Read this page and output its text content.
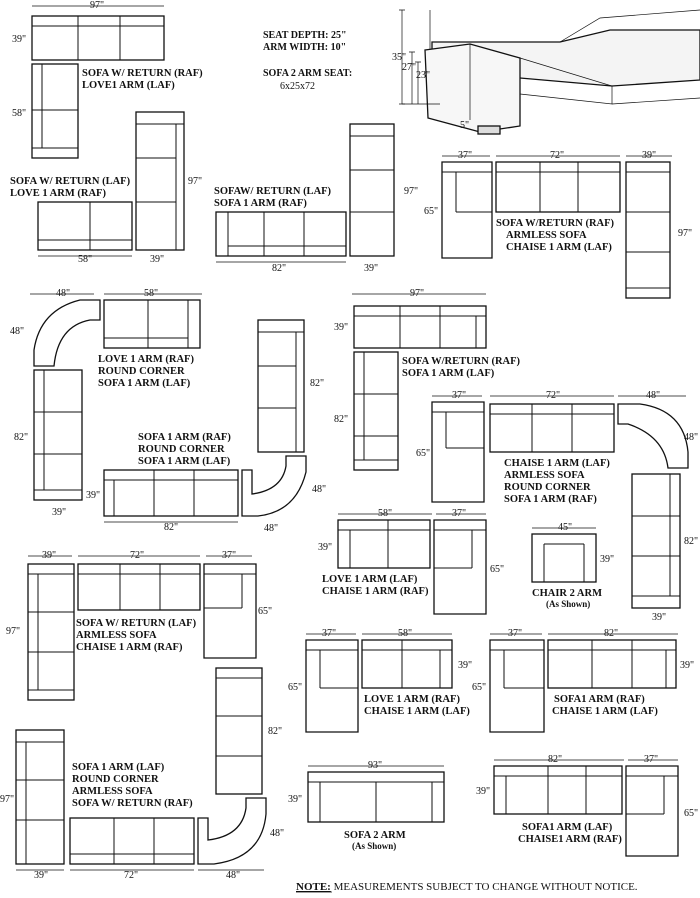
35"
27"
23"
5"
SEAT DEPTH: 25"
ARM WIDTH: 10"
SOFA 2 ARM SEAT:
6x25x72
97"
39"
58"
SOFA W/ RETURN (RAF)
LOVE1 ARM (LAF)
SOFA W/ RETURN (LAF)
LOVE 1 ARM (RAF)
58"
97"
39"
SOFAW/ RETURN (LAF)
SOFA 1 ARM (RAF)
82"
97"
39"
37"	72"	39"
65"
97"
SOFA W/RETURN (RAF)
ARMLESS SOFA
CHAISE 1 ARM (LAF)
48"
48"
58"
LOVE 1 ARM (RAF)
ROUND CORNER
SOFA 1 ARM (LAF)
82"
39"
82"
SOFA 1 ARM (RAF)
ROUND CORNER
SOFA 1 ARM (LAF)
39"
82"
48"
48"
97"
39"
82"
SOFA W/RETURN (RAF)
SOFA 1 ARM (LAF)
37"
65"
72"	48"
48"
CHAISE 1 ARM (LAF)
ARMLESS SOFA
ROUND CORNER
SOFA 1 ARM (RAF)
82"
39"
58"
39"
37"
65"
LOVE 1 ARM (LAF)
CHAISE 1 ARM (RAF)
45"
39"
CHAIR 2 ARM
(As Shown)
39"	72"	37"
97"
65"
SOFA W/ RETURN (LAF)
ARMLESS SOFA
CHAISE 1 ARM (RAF)
37"
65"
58"
39"
LOVE 1 ARM (RAF)
CHAISE 1 ARM (LAF)
37"
65"
82"
39"
SOFA1 ARM (RAF)
CHAISE 1 ARM (LAF)
82"
97"
SOFA 1 ARM (LAF)
ROUND CORNER
ARMLESS SOFA
SOFA W/ RETURN (RAF)
48"
39"	72"	48"
93"
39"
SOFA 2 ARM
(As Shown)
82"
39"
37"
65"
SOFA1 ARM (LAF)
CHAISE1 ARM (RAF)
NOTE: MEASUREMENTS SUBJECT TO CHANGE WITHOUT NOTICE.
